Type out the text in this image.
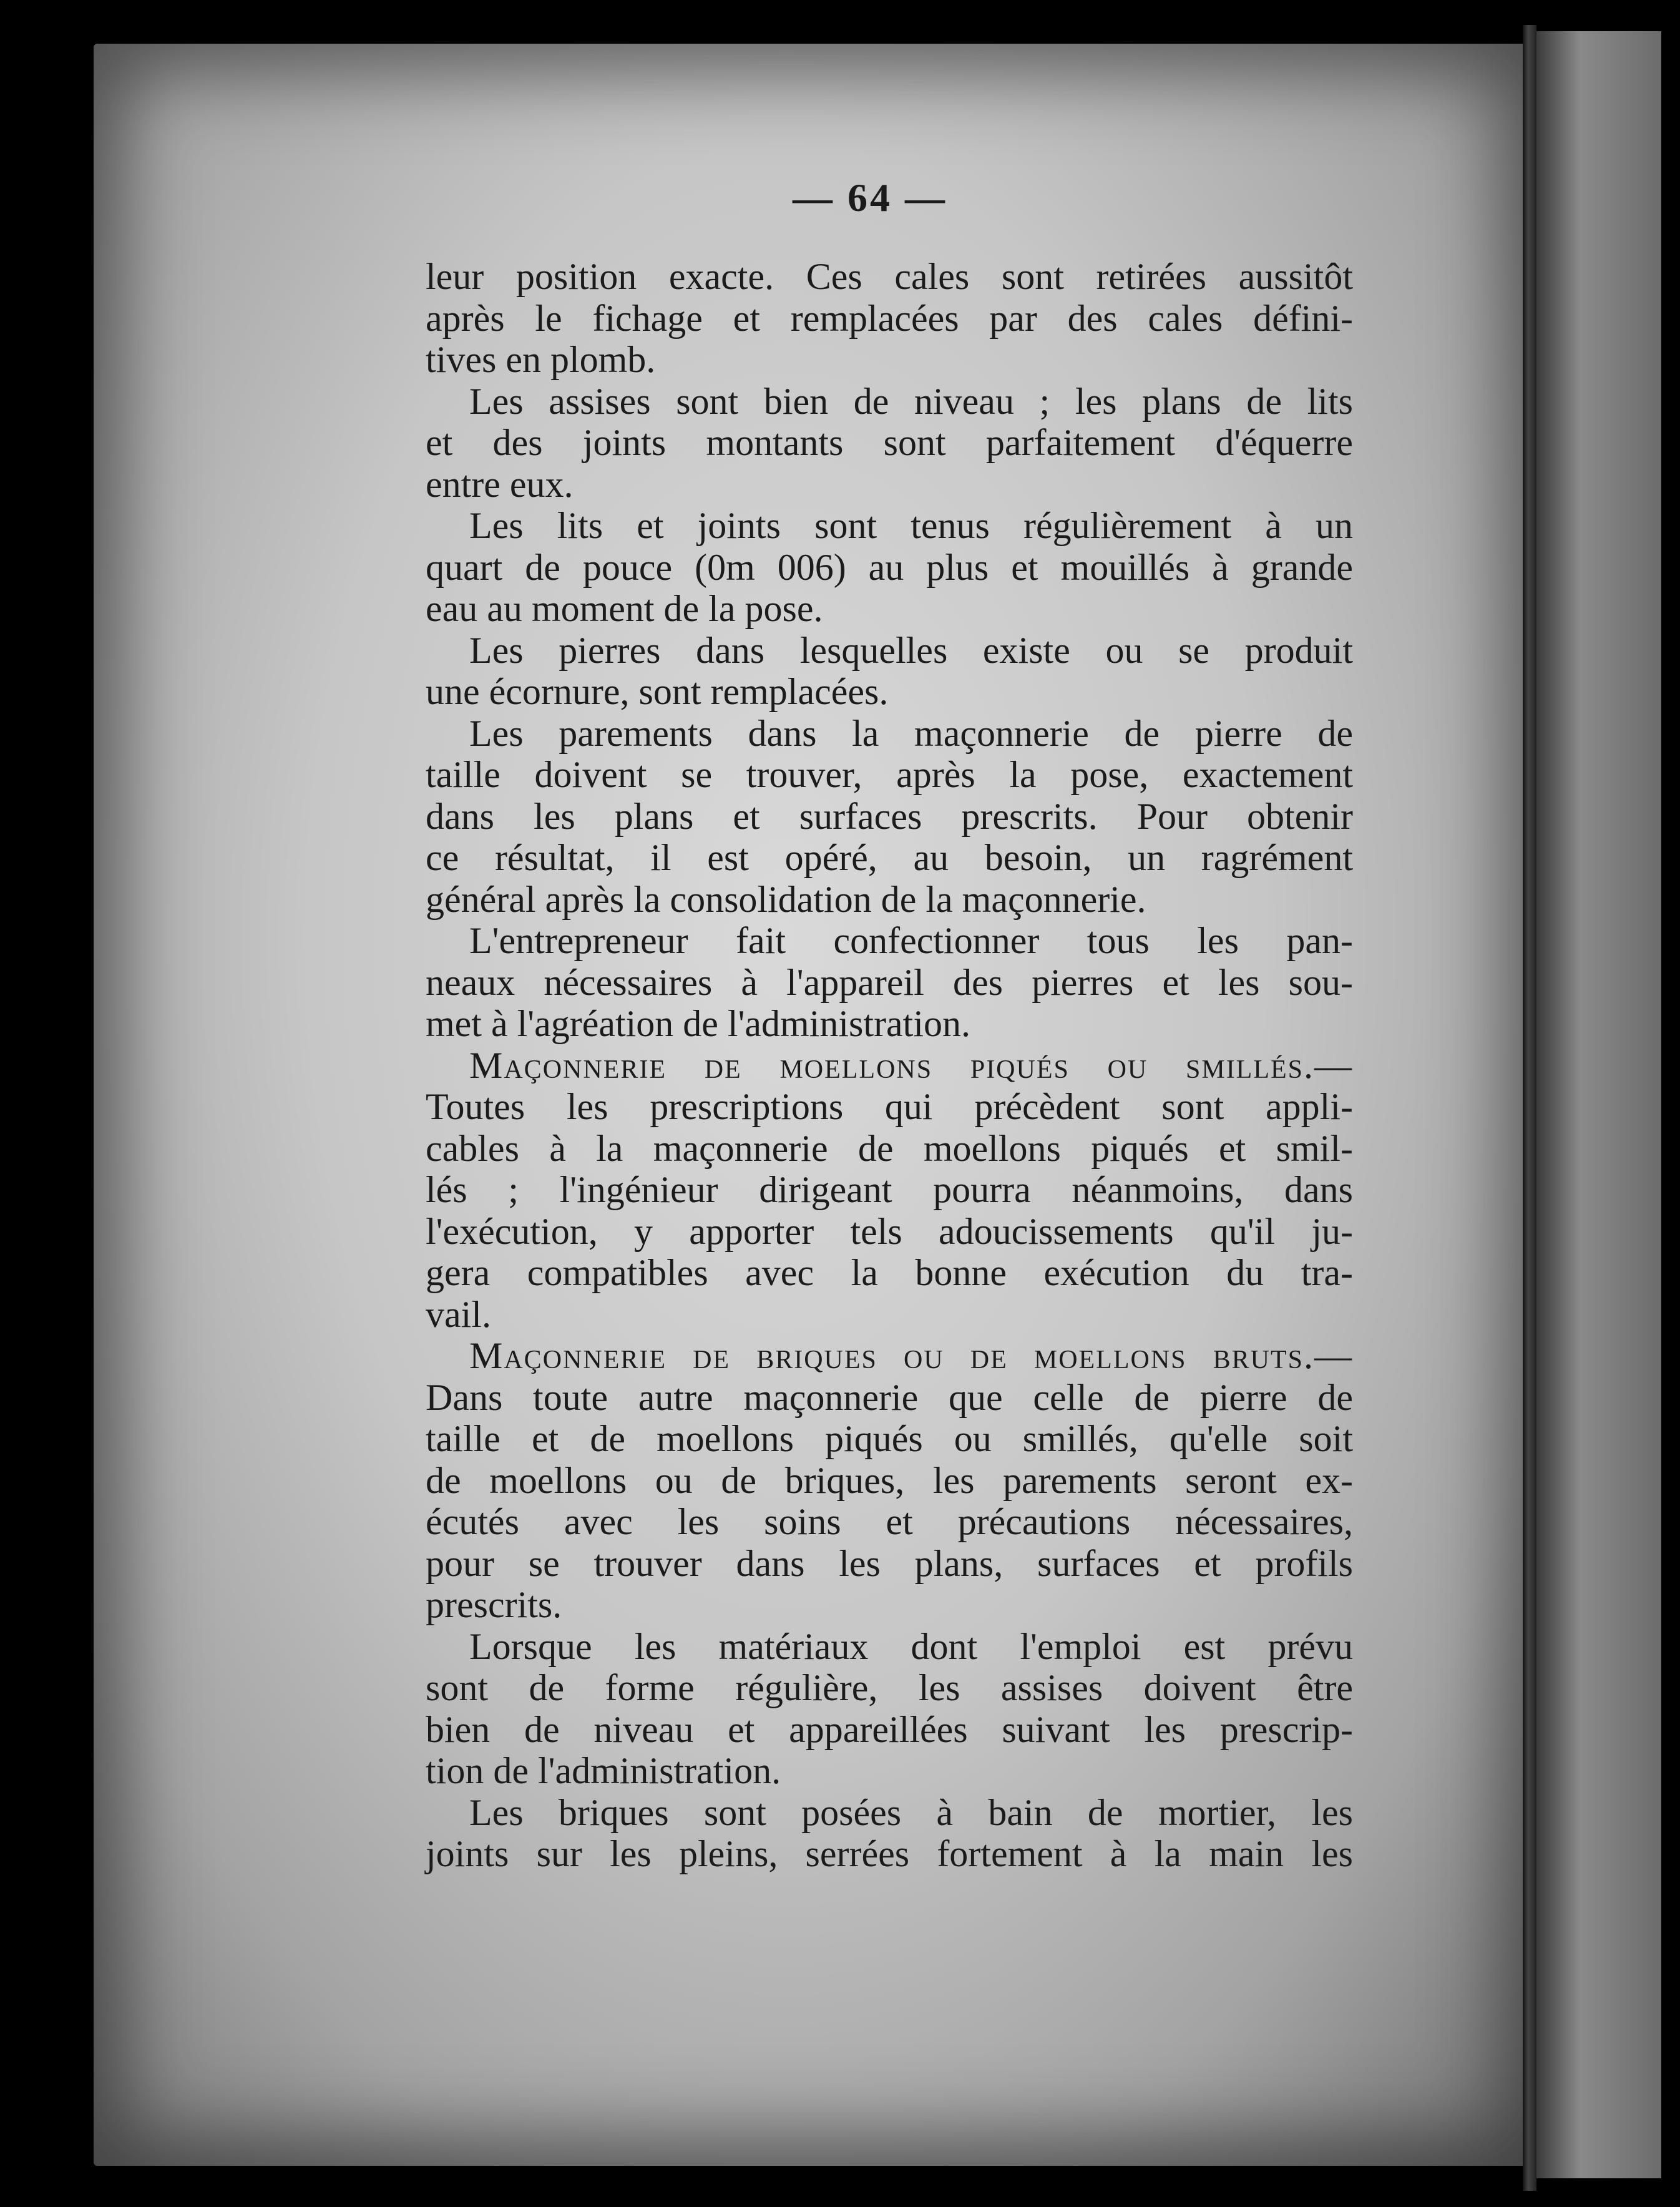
— 64 —
leur position exacte. Ces cales sont retirées aussitôt
après le fichage et remplacées par des cales défini-
tives en plomb.
Les assises sont bien de niveau ; les plans de lits
et des joints montants sont parfaitement d'équerre
entre eux.
Les lits et joints sont tenus régulièrement à un
quart de pouce (0m 006) au plus et mouillés à grande
eau au moment de la pose.
Les pierres dans lesquelles existe ou se produit
une écornure, sont remplacées.
Les parements dans la maçonnerie de pierre de
taille doivent se trouver, après la pose, exactement
dans les plans et surfaces prescrits. Pour obtenir
ce résultat, il est opéré, au besoin, un ragrément
général après la consolidation de la maçonnerie.
L'entrepreneur fait confectionner tous les pan-
neaux nécessaires à l'appareil des pierres et les sou-
met à l'agréation de l'administration.
Maçonnerie de moellons piqués ou smillés.—
Toutes les prescriptions qui précèdent sont appli-
cables à la maçonnerie de moellons piqués et smil-
lés ; l'ingénieur dirigeant pourra néanmoins, dans
l'exécution, y apporter tels adoucissements qu'il ju-
gera compatibles avec la bonne exécution du tra-
vail.
Maçonnerie de briques ou de moellons bruts.—
Dans toute autre maçonnerie que celle de pierre de
taille et de moellons piqués ou smillés, qu'elle soit
de moellons ou de briques, les parements seront ex-
écutés avec les soins et précautions nécessaires,
pour se trouver dans les plans, surfaces et profils
prescrits.
Lorsque les matériaux dont l'emploi est prévu
sont de forme régulière, les assises doivent être
bien de niveau et appareillées suivant les prescrip-
tion de l'administration.
Les briques sont posées à bain de mortier, les
joints sur les pleins, serrées fortement à la main les
